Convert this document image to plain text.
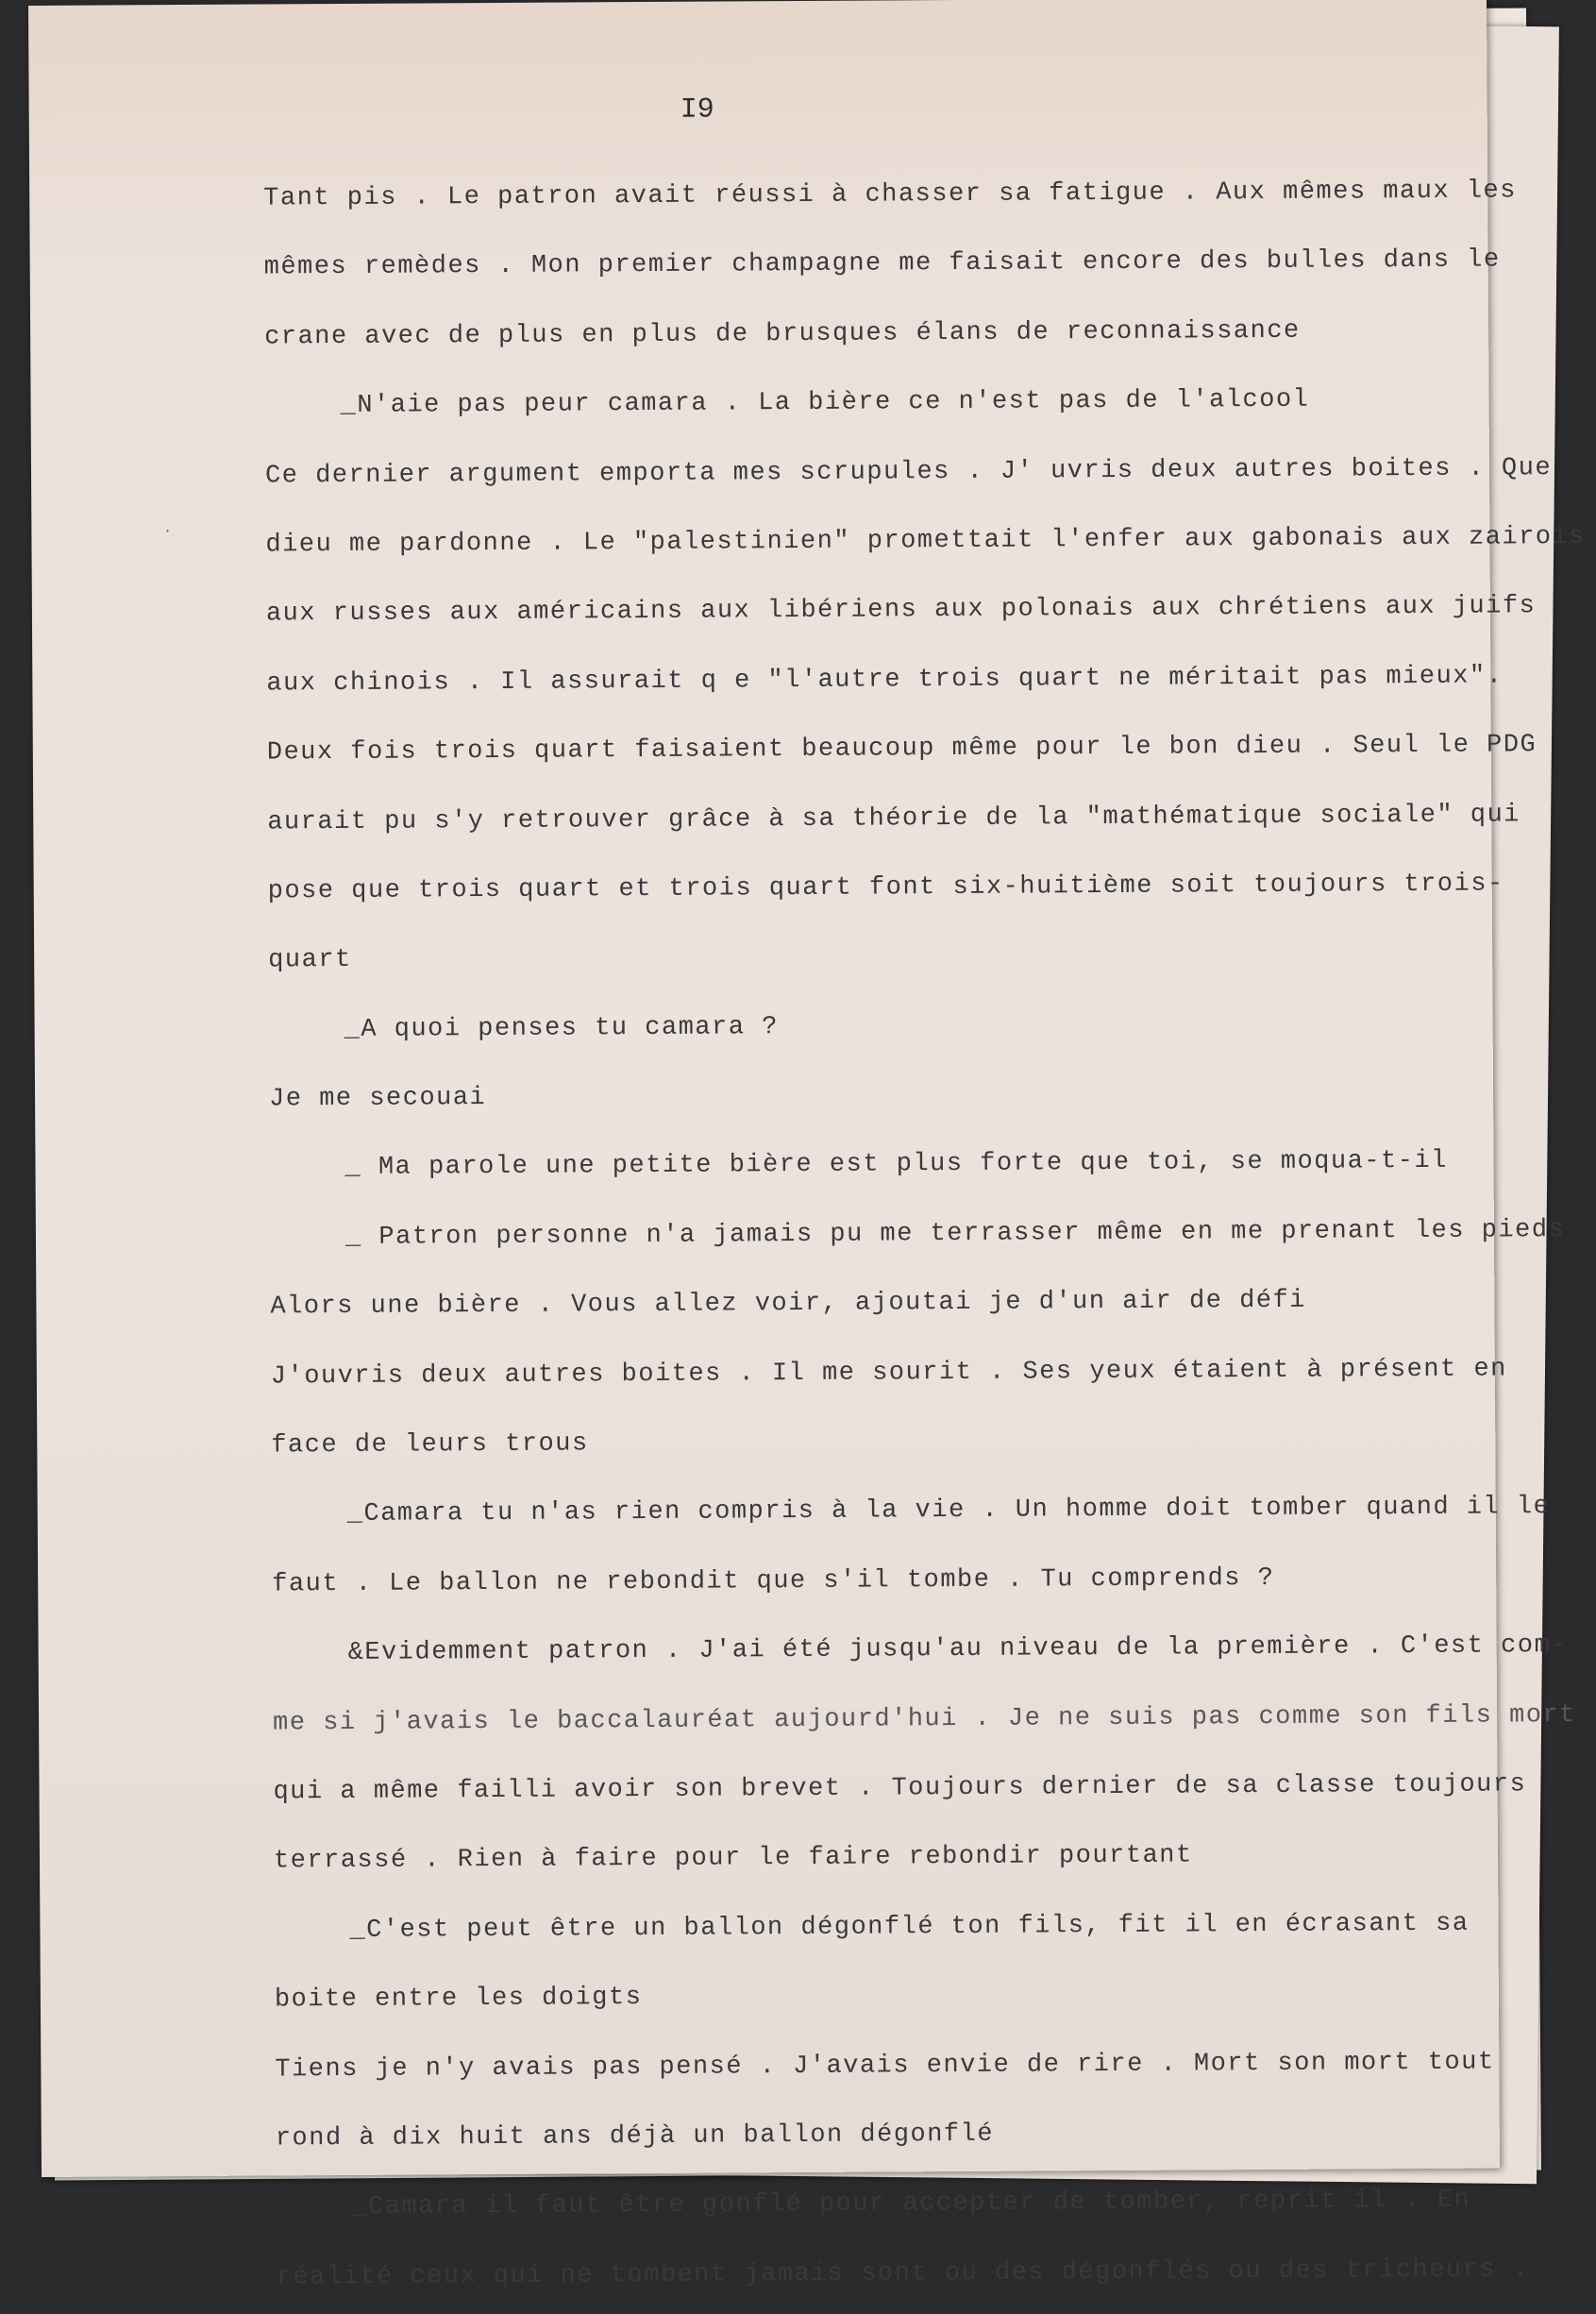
I9
·
Tant pis . Le patron avait réussi à chasser sa fatigue . Aux mêmes maux les
mêmes remèdes . Mon premier champagne me faisait encore des bulles dans le
crane avec de plus en plus de brusques élans de reconnaissance
_N'aie pas peur camara . La bière ce n'est pas de l'alcool
Ce dernier argument emporta mes scrupules . J' uvris deux autres boites . Que
dieu me pardonne . Le "palestinien" promettait l'enfer aux gabonais aux zairois
aux russes aux américains aux libériens aux polonais aux chrétiens aux juifs
aux chinois . Il assurait q e "l'autre trois quart ne méritait pas mieux".
Deux fois trois quart faisaient beaucoup même pour le bon dieu . Seul le PDG
aurait pu s'y retrouver grâce à sa théorie de la "mathématique sociale" qui
pose que trois quart et trois quart font six-huitième soit toujours trois-
quart
_A quoi penses tu camara ?
Je me secouai
_ Ma parole une petite bière est plus forte que toi, se moqua-t-il
_ Patron personne n'a jamais pu me terrasser même en me prenant les pieds
Alors une bière . Vous allez voir, ajoutai je d'un air de défi
J'ouvris deux autres boites . Il me sourit . Ses yeux étaient à présent en
face de leurs trous
_Camara tu n'as rien compris à la vie . Un homme doit tomber quand il le
faut . Le ballon ne rebondit que s'il tombe . Tu comprends ?
&Evidemment patron . J'ai été jusqu'au niveau de la première . C'est com-
me si j'avais le baccalauréat aujourd'hui . Je ne suis pas comme son fils mort
qui a même failli avoir son brevet . Toujours dernier de sa classe toujours
terrassé . Rien à faire pour le faire rebondir pourtant
_C'est peut être un ballon dégonflé ton fils, fit il en écrasant sa
boite entre les doigts
Tiens je n'y avais pas pensé . J'avais envie de rire . Mort son mort tout
rond à dix huit ans déjà un ballon dégonflé
_Camara il faut être gonflé pour accepter de tomber, reprit il . En
réalité ceux qui ne tombent jamais sont ou des dégonflés ou des tricheurs .
